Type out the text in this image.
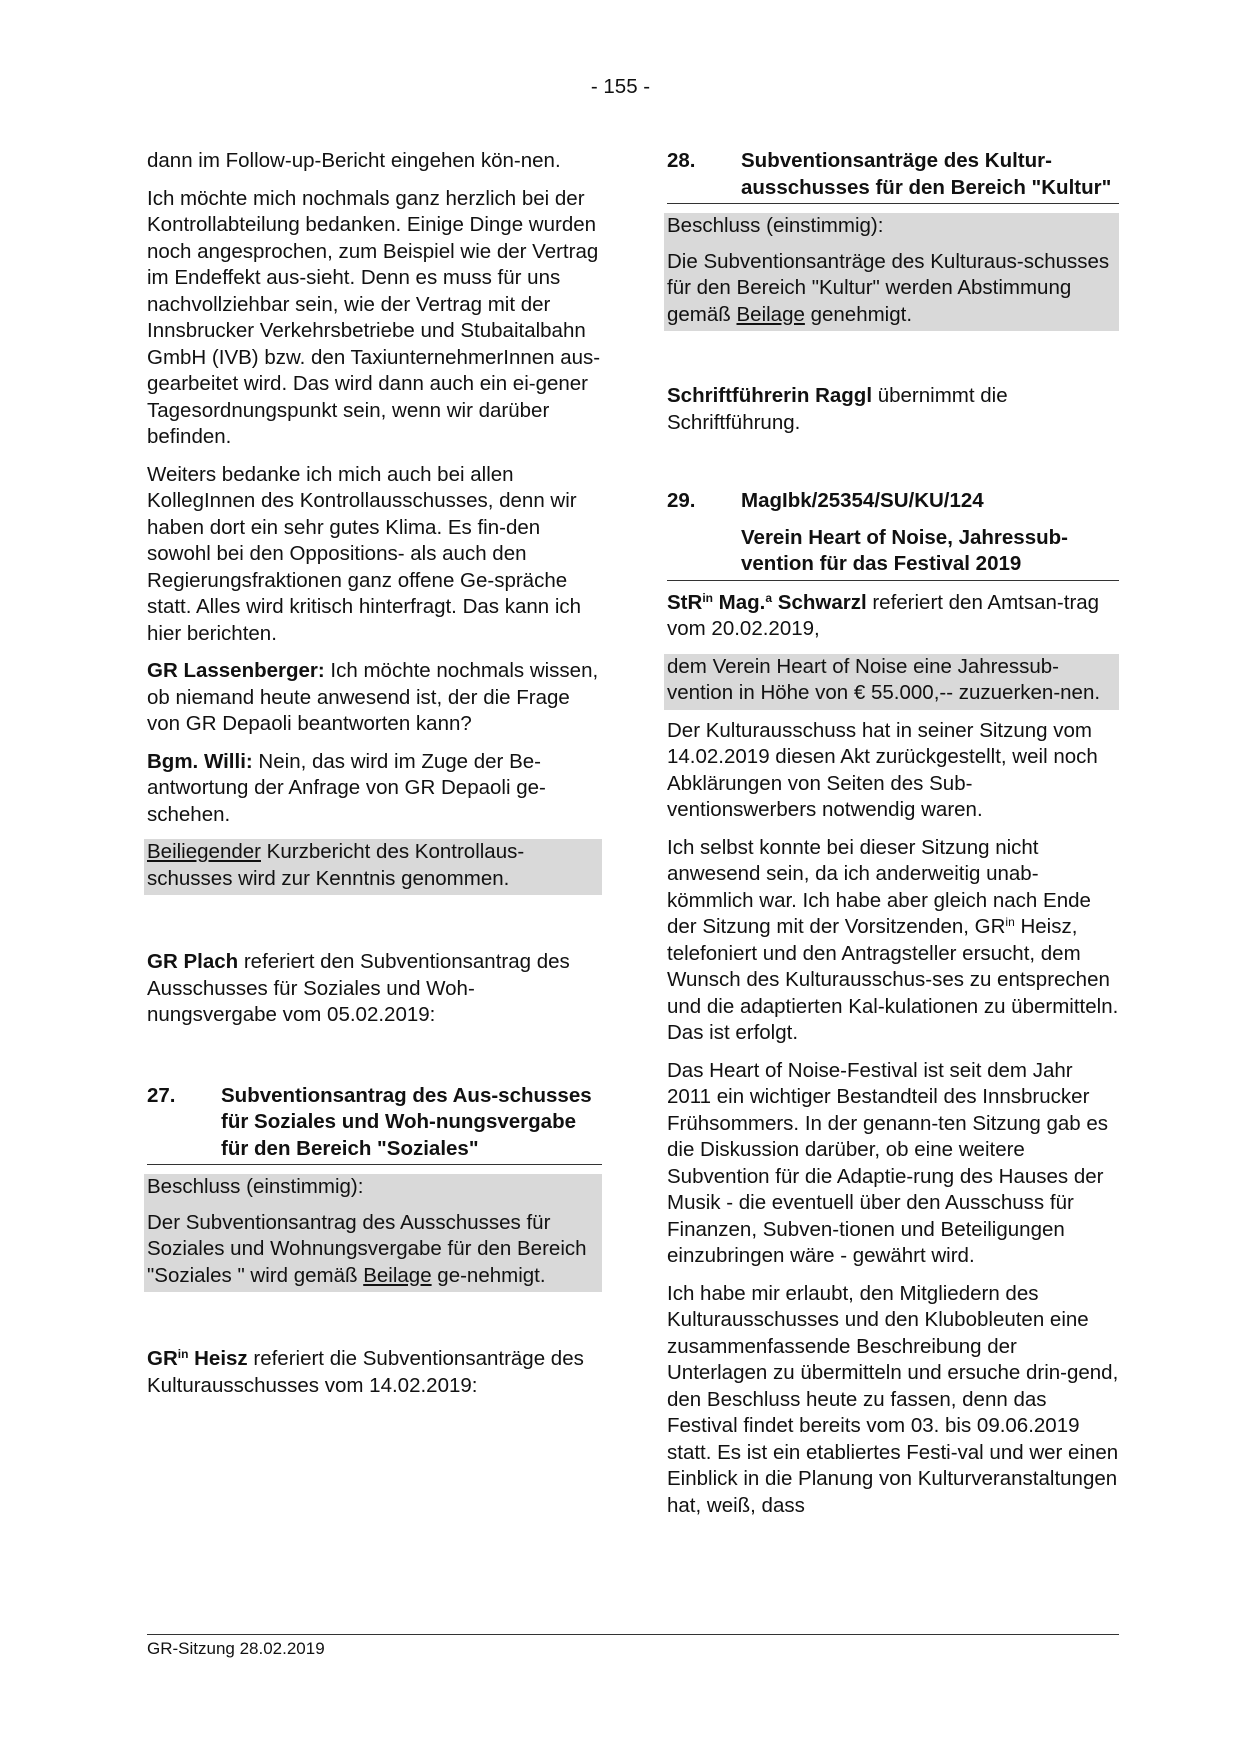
- 155 -

dann im Follow-up-Bericht eingehen kön-nen.

Ich möchte mich nochmals ganz herzlich bei der Kontrollabteilung bedanken. Einige Dinge wurden noch angesprochen, zum Beispiel wie der Vertrag im Endeffekt aus-sieht. Denn es muss für uns nachvollziehbar sein, wie der Vertrag mit der Innsbrucker Verkehrsbetriebe und Stubaitalbahn GmbH (IVB) bzw. den TaxiunternehmerInnen aus-gearbeitet wird. Das wird dann auch ein ei-gener Tagesordnungspunkt sein, wenn wir darüber befinden.

Weiters bedanke ich mich auch bei allen KollegInnen des Kontrollausschusses, denn wir haben dort ein sehr gutes Klima. Es fin-den sowohl bei den Oppositions- als auch den Regierungsfraktionen ganz offene Ge-spräche statt. Alles wird kritisch hinterfragt. Das kann ich hier berichten.

GR Lassenberger: Ich möchte nochmals wissen, ob niemand heute anwesend ist, der die Frage von GR Depaoli beantworten kann?

Bgm. Willi: Nein, das wird im Zuge der Be-antwortung der Anfrage von GR Depaoli ge-schehen.

Beiliegender Kurzbericht des Kontrollaus-schusses wird zur Kenntnis genommen.

GR Plach referiert den Subventionsantrag des Ausschusses für Soziales und Woh-nungsvergabe vom 05.02.2019:

27.	Subventionsantrag des Aus-schusses für Soziales und Woh-nungsvergabe für den Bereich "Soziales"

Beschluss (einstimmig):

Der Subventionsantrag des Ausschusses für Soziales und Wohnungsvergabe für den Bereich "Soziales " wird gemäß Beilage ge-nehmigt.

$GR^{in}$ Heisz referiert die Subventionsanträge des Kulturausschusses vom 14.02.2019:

28.	Subventionsanträge des Kultur-ausschusses für den Bereich "Kultur"

Beschluss (einstimmig):

Die Subventionsanträge des Kulturaus-schusses für den Bereich "Kultur" werden Abstimmung gemäß Beilage genehmigt.

Schriftführerin Raggl übernimmt die Schriftführung.

29.	MagIbk/25354/SU/KU/124

Verein Heart of Noise, Jahressub-vention für das Festival 2019

StR$^{in}$ Mag.$^a$ Schwarzl referiert den Amtsan-trag vom 20.02.2019,

dem Verein Heart of Noise eine Jahressub-vention in Höhe von € 55.000,-- zuzuerken-nen.

Der Kulturausschuss hat in seiner Sitzung vom 14.02.2019 diesen Akt zurückgestellt, weil noch Abklärungen von Seiten des Sub-ventionswerbers notwendig waren.

Ich selbst konnte bei dieser Sitzung nicht anwesend sein, da ich anderweitig unab-kömmlich war. Ich habe aber gleich nach Ende der Sitzung mit der Vorsitzenden, $GR^{in}$ Heisz, telefoniert und den Antragsteller ersucht, dem Wunsch des Kulturausschus-ses zu entsprechen und die adaptierten Kal-kulationen zu übermitteln. Das ist erfolgt.

Das Heart of Noise-Festival ist seit dem Jahr 2011 ein wichtiger Bestandteil des Innsbrucker Frühsommers. In der genann-ten Sitzung gab es die Diskussion darüber, ob eine weitere Subvention für die Adaptie-rung des Hauses der Musik - die eventuell über den Ausschuss für Finanzen, Subven-tionen und Beteiligungen einzubringen wäre - gewährt wird.

Ich habe mir erlaubt, den Mitgliedern des Kulturausschusses und den Klubobleuten eine zusammenfassende Beschreibung der Unterlagen zu übermitteln und ersuche drin-gend, den Beschluss heute zu fassen, denn das Festival findet bereits vom 03. bis 09.06.2019 statt. Es ist ein etabliertes Festi-val und wer einen Einblick in die Planung von Kulturveranstaltungen hat, weiß, dass

GR-Sitzung 28.02.2019
